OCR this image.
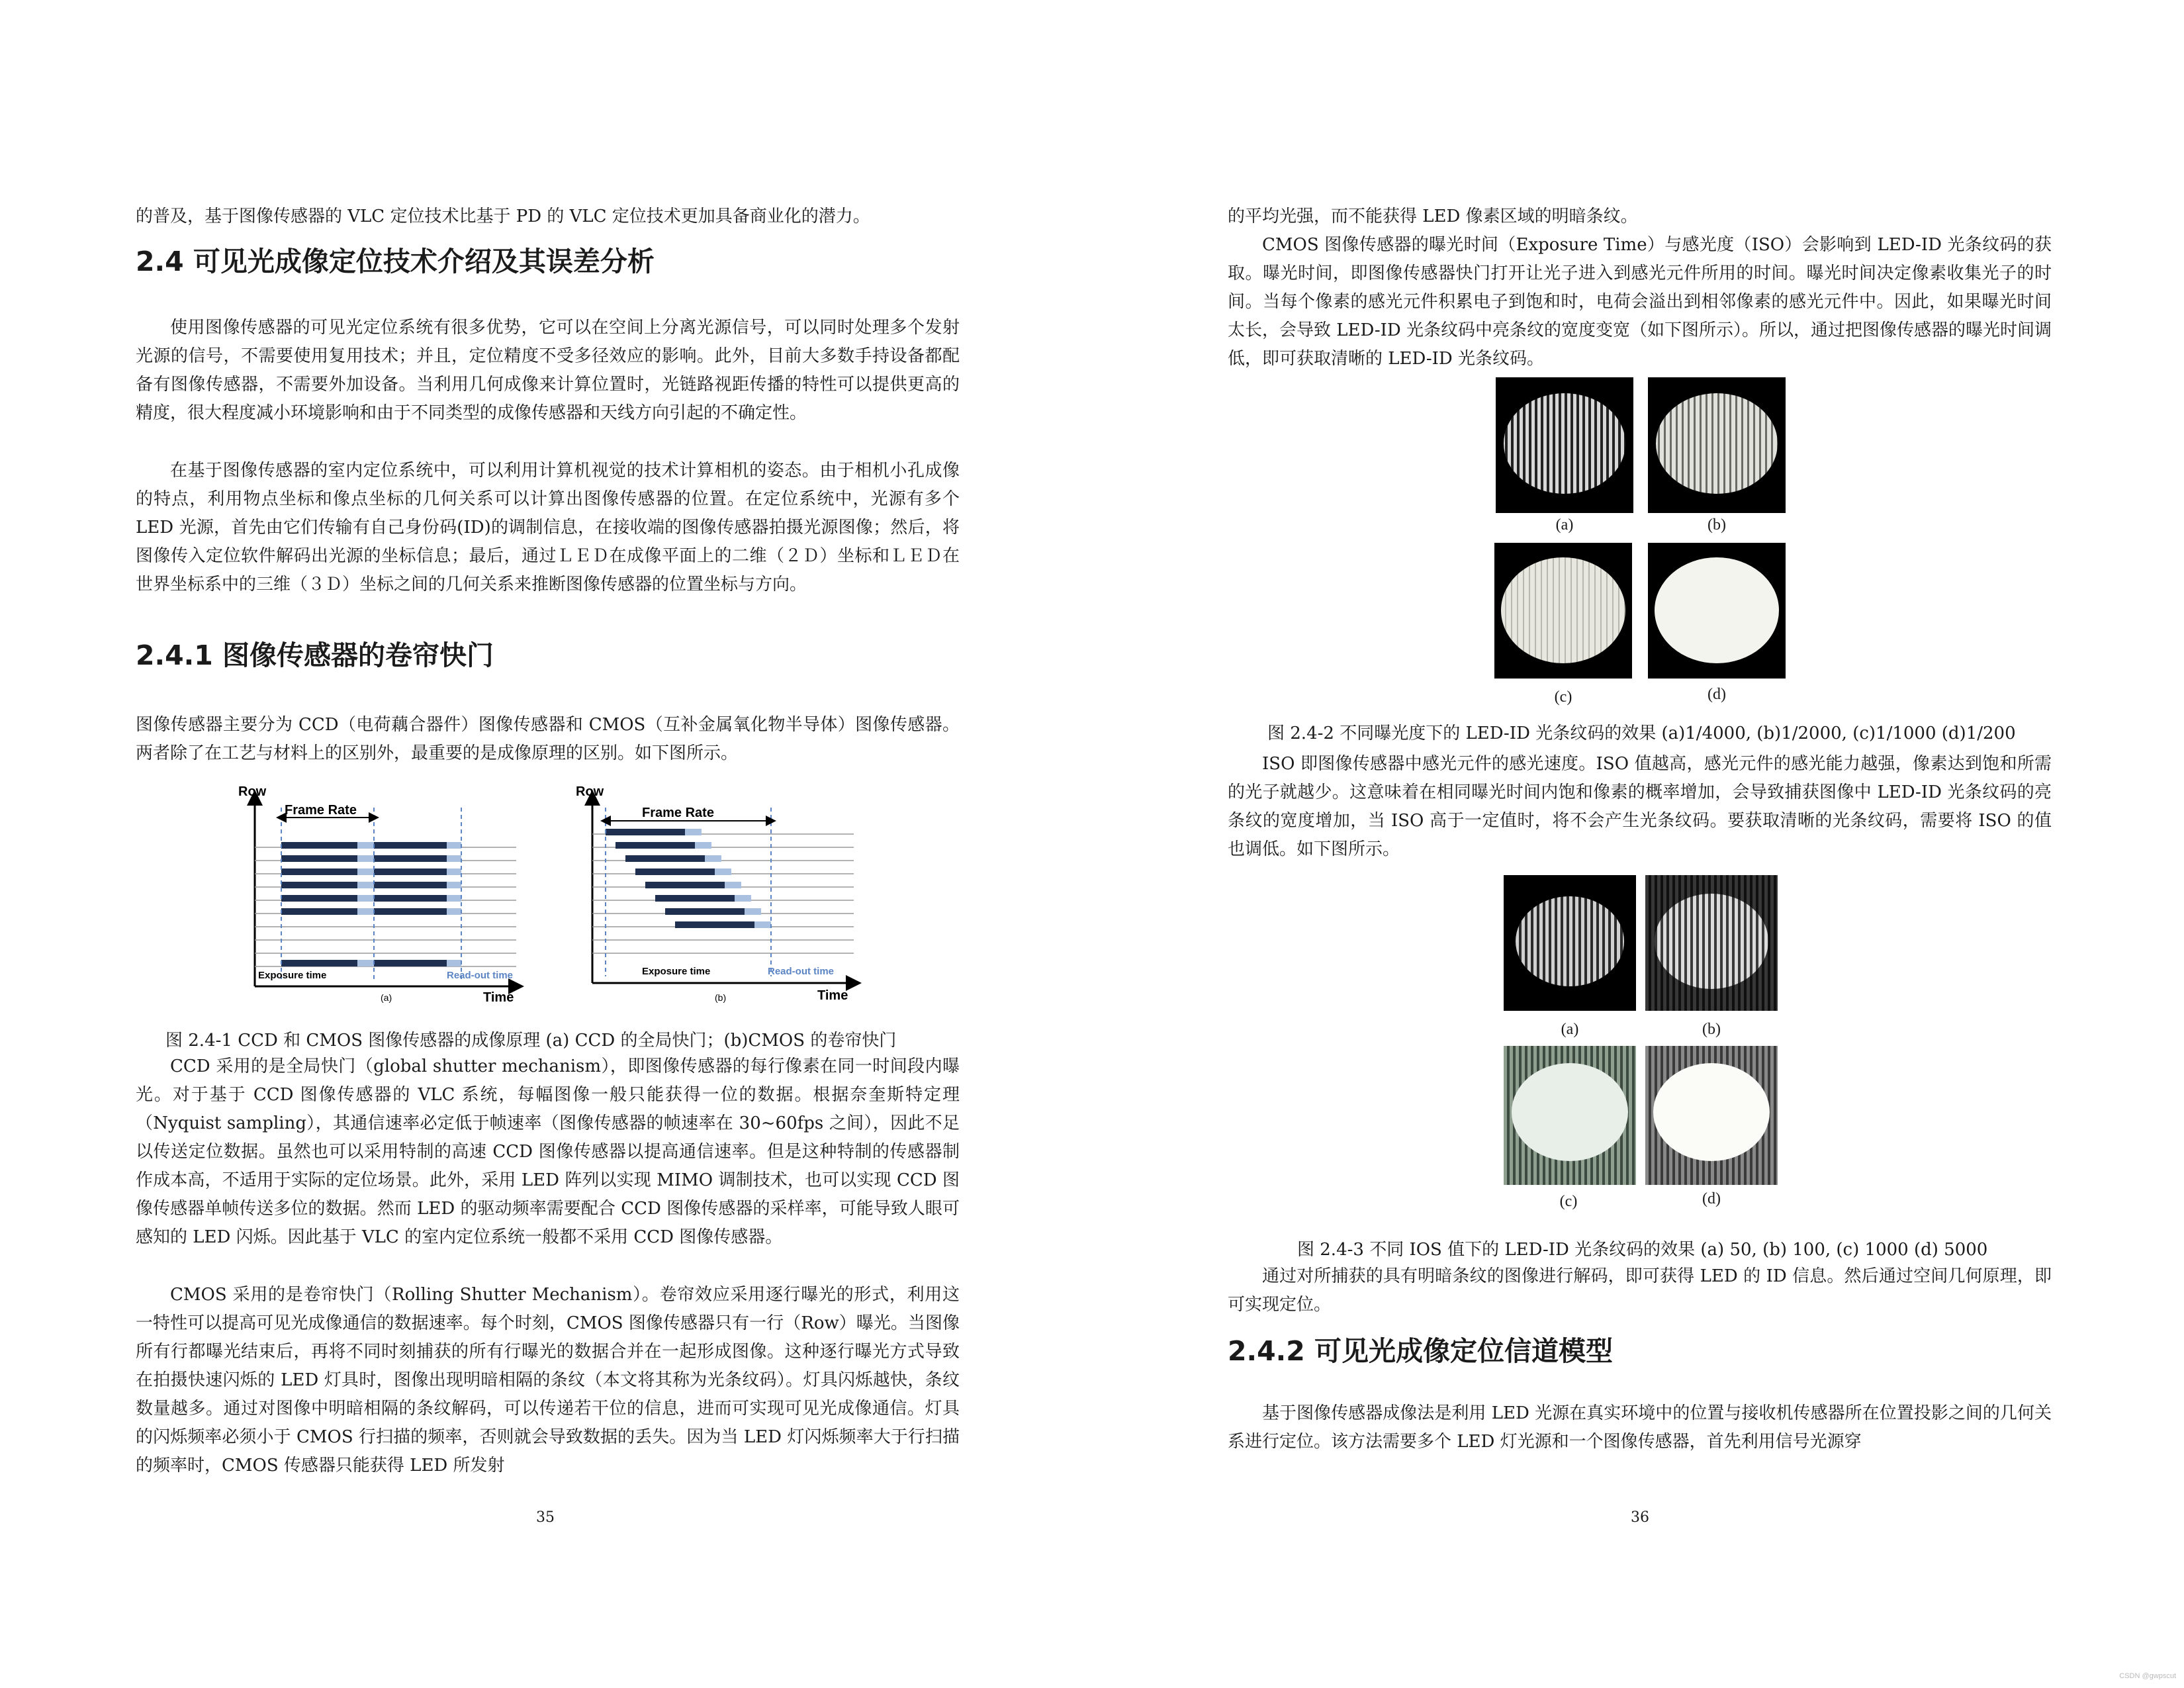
的普及，基于图像传感器的 VLC 定位技术比基于 PD 的 VLC 定位技术更加具备商业化的潜力。
2.4 可见光成像定位技术介绍及其误差分析
使用图像传感器的可见光定位系统有很多优势，它可以在空间上分离光源信号，可以同时处理多个发射光源的信号，不需要使用复用技术；并且，定位精度不受多径效应的影响。此外，目前大多数手持设备都配备有图像传感器，不需要外加设备。当利用几何成像来计算位置时，光链路视距传播的特性可以提供更高的精度，很大程度减小环境影响和由于不同类型的成像传感器和天线方向引起的不确定性。
在基于图像传感器的室内定位系统中，可以利用计算机视觉的技术计算相机的姿态。由于相机小孔成像的特点，利用物点坐标和像点坐标的几何关系可以计算出图像传感器的位置。在定位系统中，光源有多个 LED 光源，首先由它们传输有自己身份码(ID)的调制信息，在接收端的图像传感器拍摄光源图像；然后，将图像传入定位软件解码出光源的坐标信息；最后，通过ＬＥＤ在成像平面上的二维（２Ｄ）坐标和ＬＥＤ在世界坐标系中的三维（３Ｄ）坐标之间的几何关系来推断图像传感器的位置坐标与方向。
2.4.1 图像传感器的卷帘快门
图像传感器主要分为 CCD（电荷藕合器件）图像传感器和 CMOS（互补金属氧化物半导体）图像传感器。两者除了在工艺与材料上的区别外，最重要的是成像原理的区别。如下图所示。
Frame Rate
Row
Time
Exposure time	Read-out time
(a)
Frame Rate
Row
Time
Exposure time	Read-out time
(b)
图 2.4-1 CCD 和 CMOS 图像传感器的成像原理 (a) CCD 的全局快门；(b)CMOS 的卷帘快门
CCD 采用的是全局快门（global shutter mechanism），即图像传感器的每行像素在同一时间段内曝光。对于基于 CCD 图像传感器的 VLC 系统，每幅图像一般只能获得一位的数据。根据奈奎斯特定理（Nyquist sampling），其通信速率必定低于帧速率（图像传感器的帧速率在 30~60fps 之间），因此不足以传送定位数据。虽然也可以采用特制的高速 CCD 图像传感器以提高通信速率。但是这种特制的传感器制作成本高，不适用于实际的定位场景。此外，采用 LED 阵列以实现 MIMO 调制技术，也可以实现 CCD 图像传感器单帧传送多位的数据。然而 LED 的驱动频率需要配合 CCD 图像传感器的采样率，可能导致人眼可感知的 LED 闪烁。因此基于 VLC 的室内定位系统一般都不采用 CCD 图像传感器。
CMOS 采用的是卷帘快门（Rolling Shutter Mechanism）。卷帘效应采用逐行曝光的形式，利用这一特性可以提高可见光成像通信的数据速率。每个时刻，CMOS 图像传感器只有一行（Row）曝光。当图像所有行都曝光结束后，再将不同时刻捕获的所有行曝光的数据合并在一起形成图像。这种逐行曝光方式导致在拍摄快速闪烁的 LED 灯具时，图像出现明暗相隔的条纹（本文将其称为光条纹码）。灯具闪烁越快，条纹数量越多。通过对图像中明暗相隔的条纹解码，可以传递若干位的信息，进而可实现可见光成像通信。灯具的闪烁频率必须小于 CMOS 行扫描的频率，否则就会导致数据的丢失。因为当 LED 灯闪烁频率大于行扫描的频率时，CMOS 传感器只能获得 LED 所发射
35
的平均光强，而不能获得 LED 像素区域的明暗条纹。
CMOS 图像传感器的曝光时间（Exposure Time）与感光度（ISO）会影响到 LED-ID 光条纹码的获取。曝光时间，即图像传感器快门打开让光子进入到感光元件所用的时间。曝光时间决定像素收集光子的时间。当每个像素的感光元件积累电子到饱和时，电荷会溢出到相邻像素的感光元件中。因此，如果曝光时间太长，会导致 LED-ID 光条纹码中亮条纹的宽度变宽（如下图所示）。所以，通过把图像传感器的曝光时间调低，即可获取清晰的 LED-ID 光条纹码。
(a)	(b)
(c)	(d)
图 2.4-2 不同曝光度下的 LED-ID 光条纹码的效果 (a)1/4000, (b)1/2000, (c)1/1000 (d)1/200
ISO 即图像传感器中感光元件的感光速度。ISO 值越高，感光元件的感光能力越强，像素达到饱和所需的光子就越少。这意味着在相同曝光时间内饱和像素的概率增加，会导致捕获图像中 LED-ID 光条纹码的亮条纹的宽度增加，当 ISO 高于一定值时，将不会产生光条纹码。要获取清晰的光条纹码，需要将 ISO 的值也调低。如下图所示。
(a)	(b)
(c)	(d)
图 2.4-3 不同 IOS 值下的 LED-ID 光条纹码的效果 (a) 50, (b) 100, (c) 1000 (d) 5000
通过对所捕获的具有明暗条纹的图像进行解码，即可获得 LED 的 ID 信息。然后通过空间几何原理，即可实现定位。
2.4.2 可见光成像定位信道模型
基于图像传感器成像法是利用 LED 光源在真实环境中的位置与接收机传感器所在位置投影之间的几何关系进行定位。该方法需要多个 LED 灯光源和一个图像传感器，首先利用信号光源穿
36
CSDN @gwpscut
